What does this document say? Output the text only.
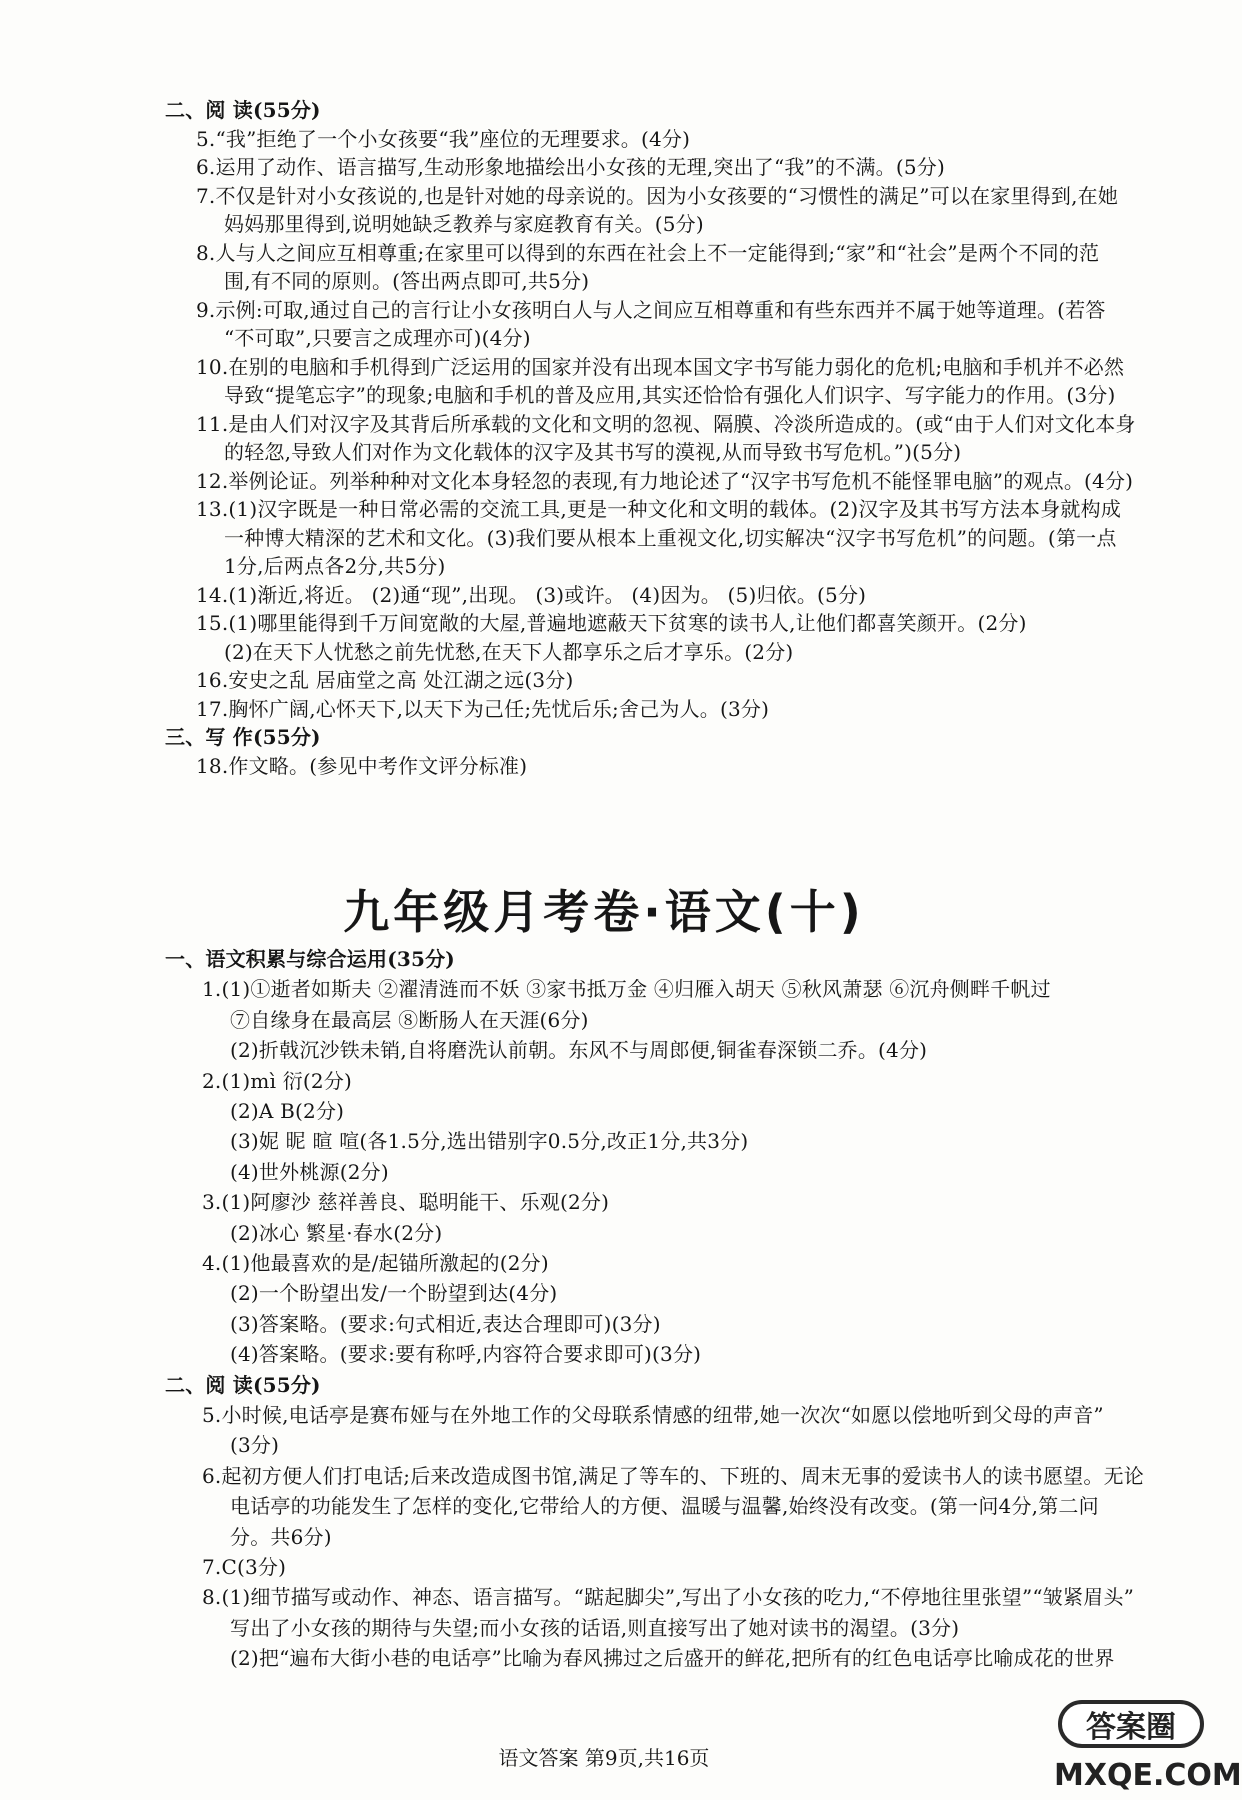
二、阅 读(55分)
5.“我”拒绝了一个小女孩要“我”座位的无理要求。(4分)
6.运用了动作、语言描写,生动形象地描绘出小女孩的无理,突出了“我”的不满。(5分)
7.不仅是针对小女孩说的,也是针对她的母亲说的。因为小女孩要的“习惯性的满足”可以在家里得到,在她
妈妈那里得到,说明她缺乏教养与家庭教育有关。(5分)
8.人与人之间应互相尊重;在家里可以得到的东西在社会上不一定能得到;“家”和“社会”是两个不同的范
围,有不同的原则。(答出两点即可,共5分)
9.示例:可取,通过自己的言行让小女孩明白人与人之间应互相尊重和有些东西并不属于她等道理。(若答
“不可取”,只要言之成理亦可)(4分)
10.在别的电脑和手机得到广泛运用的国家并没有出现本国文字书写能力弱化的危机;电脑和手机并不必然
导致“提笔忘字”的现象;电脑和手机的普及应用,其实还恰恰有强化人们识字、写字能力的作用。(3分)
11.是由人们对汉字及其背后所承载的文化和文明的忽视、隔膜、冷淡所造成的。(或“由于人们对文化本身
的轻忽,导致人们对作为文化载体的汉字及其书写的漠视,从而导致书写危机。”)(5分)
12.举例论证。列举种种对文化本身轻忽的表现,有力地论述了“汉字书写危机不能怪罪电脑”的观点。(4分)
13.(1)汉字既是一种日常必需的交流工具,更是一种文化和文明的载体。(2)汉字及其书写方法本身就构成
一种博大精深的艺术和文化。(3)我们要从根本上重视文化,切实解决“汉字书写危机”的问题。(第一点
1分,后两点各2分,共5分)
14.(1)渐近,将近。 (2)通“现”,出现。 (3)或许。 (4)因为。 (5)归依。(5分)
15.(1)哪里能得到千万间宽敞的大屋,普遍地遮蔽天下贫寒的读书人,让他们都喜笑颜开。(2分)
(2)在天下人忧愁之前先忧愁,在天下人都享乐之后才享乐。(2分)
16.安史之乱 居庙堂之高 处江湖之远(3分)
17.胸怀广阔,心怀天下,以天下为己任;先忧后乐;舍己为人。(3分)
三、写 作(55分)
18.作文略。(参见中考作文评分标准)
九年级月考卷·语文(十)
一、语文积累与综合运用(35分)
1.(1)①逝者如斯夫 ②濯清涟而不妖 ③家书抵万金 ④归雁入胡天 ⑤秋风萧瑟 ⑥沉舟侧畔千帆过
⑦自缘身在最高层 ⑧断肠人在天涯(6分)
(2)折戟沉沙铁未销,自将磨洗认前朝。东风不与周郎便,铜雀春深锁二乔。(4分)
2.(1)mì 衍(2分)
(2)A B(2分)
(3)妮 昵 暄 喧(各1.5分,选出错别字0.5分,改正1分,共3分)
(4)世外桃源(2分)
3.(1)阿廖沙 慈祥善良、聪明能干、乐观(2分)
(2)冰心 繁星·春水(2分)
4.(1)他最喜欢的是/起锚所激起的(2分)
(2)一个盼望出发/一个盼望到达(4分)
(3)答案略。(要求:句式相近,表达合理即可)(3分)
(4)答案略。(要求:要有称呼,内容符合要求即可)(3分)
二、阅 读(55分)
5.小时候,电话亭是赛布娅与在外地工作的父母联系情感的纽带,她一次次“如愿以偿地听到父母的声音”
(3分)
6.起初方便人们打电话;后来改造成图书馆,满足了等车的、下班的、周末无事的爱读书人的读书愿望。无论
电话亭的功能发生了怎样的变化,它带给人的方便、温暖与温馨,始终没有改变。(第一问4分,第二问
分。共6分)
7.C(3分)
8.(1)细节描写或动作、神态、语言描写。“踮起脚尖”,写出了小女孩的吃力,“不停地往里张望”“皱紧眉头”
写出了小女孩的期待与失望;而小女孩的话语,则直接写出了她对读书的渴望。(3分)
(2)把“遍布大街小巷的电话亭”比喻为春风拂过之后盛开的鲜花,把所有的红色电话亭比喻成花的世界
语文答案 第9页,共16页
答案圈
MXQE.COM
